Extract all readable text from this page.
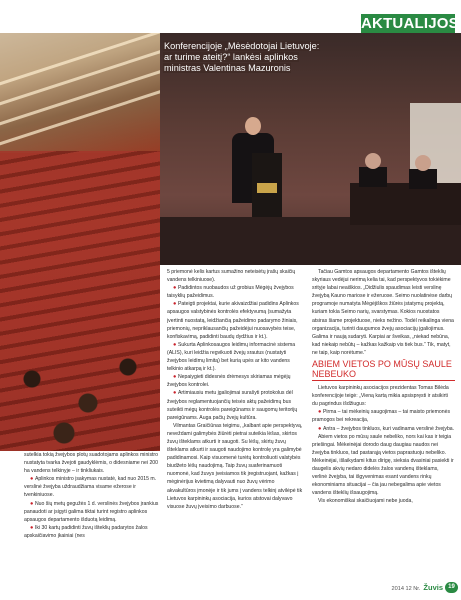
AKTUALIJOS
Konferencijoje „Mėsėdotojai Lietuvoje: ar turime ateitį?“ lankėsi aplinkos ministras Valentinas Mazuronis

sutelkia tokią žvejybos plotų suadotojams aplinkos ministro nustatyta tvarka žvejoti gaudyklėmis, o didesniame nei 200 ha vandens telkinyje – ir tinkliukais.

● Aplinkos ministro įsakymas nustatė, kad nuo 2015 m. verslinė žvejyba uždraudžiama visame ežerose ir tvenkiniuose.

● Nuo šių metų gegužės 1 d. verslinės žvejybos įrankius panaudoti ar įsigyti galima tiktai turint registro aplinkos apsaugos departamento išduotą leidimą.

● Iki 30 kartų padidinti žuvų išteklių padarytos žalos apskaičiavimo įkainiai (nes

5 priemonė kelis kartus sumažino neteisėtų įrašų skaičių vandens telkiniuose).

● Padidintos nuobaudos už grobius Mėgėjų žvejybos taisyklių pažeidimus.

● Pateigti projektai, kurie akivaizdžiai padidins Aplinkos apsaugos valstybinės kontrolės efektyvumą (sumažyta įvertinti nuostatą, leidžiančią pažeidimo padarymo žiniais, priemonių, nepriklausančių pažeidėjui nuosavybės teise, konfiskavimą, padidinti baudų dydžius ir kt.).

● Sukurta Aplinkosaugos leidimų informacinė sistema (ALIS), kuri leidžia regvikuoti žvejų srautus (nustatyti žvejybos leidimų limitą) bet kurią upės ar kito vandens telkinio atkarpą ir kt.).

● Nepaiygieti didesnės drėmesys skiriamas mėgėjų žvejybos kontrolei.

● Artimiausiu metu įgaliojimai surašyti protokolus dėl žvejybos reglamentuojančių teisės aktų pažeidimų bus suteikti mėgų kontrolės pareigūnams ir saugomų teritorijų pareigūnams. Auga pačių žvejų kultūra.

Vilmantas Graičiūnas teigimu, „kalbant apie perspektyvą, neveždami galimybės žiūrėti pietrai suteikia lėšas, skirtos žuvų išteklams atkurti ir saugoti. Su lėšų, skirtų žuvų išteklams atkurti ir saugoti naudojimo kontrolę yra galimybė padidinamosi. Kaip visuomenė turėtų kontroliuoti valstybės biudžeto lėšų naudojimą. Taip žuvų suaferinamuoti nuomonė, kad žuvys įveisiamos tik įregistruojant, kažkas į mėginėrijus kvietimą dalyvauti nuo žuvų vėrimo akvakultūros įmonėje ir tik jums į vandens telkinį atvilėpė tik Lietuvos karpininkų asociacija, kurios atstovai dalyvavo visuose žuvų įveisimo darbuose.“

Tačiau Gamtos apsaugos departamento Gamtos išteklių skyriaus vedėjui nerimą kelia tai, kad perspektyvos tokiėkime srityje labai neaiškios. „Didžiulis spaudimas leisti verslinę žvejybą Kauno mariose ir ežeruose. Seimo nuolatinėse darbų programoje numatyta Mėgėjiškos žiūrės įstatymų projektą, kuriam tokia Seimo narių, svarstymas. Kokios nuostatos atsiras šiame projektuose, nieks nežino. Todėl reikalinga viena organizacija, turinti daugumos žvejų asociacijų įgaliojimus. Galima ir naują sudaryti. Karpiai ar šveikas, „niekad nebūna, kad niekaip nebūtų – kažkas kažkaip vis tiek bus.“ Tik, matyt, ne taip, kaip norėtume.“

ABIEM VIETOS PO MŪSŲ SAULE NEBEUKO

Lietuvos karpininkų asociacijos prezidentas Tomas Bilėda konferencijoje teigė: „Vieną kartą mikia apsispręsti ir atsikirti du pagrindus išdžiugus:

● Pirma – tai mėkeinių saugojimas – tai maisto priemonės pramogos bei rekreacija,

● Antra – žvejybos tinkluos, kuri vadinama verslinė žvejyba.

Abiem vietos po mūsų saule nebeliko, nors kai kas ir teigia priešingai. Mėkeinėjai dorodo daug daugiau naudos nei žvejyba tinkluos, tad pastarąją vietos paprastuoju nebeliko. Mėkeinėjai, išlaikydami kitus dirigę, sieksia dvasiniai pasiekti ir daugelis akvių nedaro didelės žalos vandenų išteklams, verlinė žvejyba, tai išgyvenimas esant vandens rinkų ekonominiams situacijai – čia jau nebegalima apie vietos vandens išteklių išsaugojimą.

Vis ekonomiškai skaičiuojami nebe juoda,

2014 12 Nr. Žuvis 19
